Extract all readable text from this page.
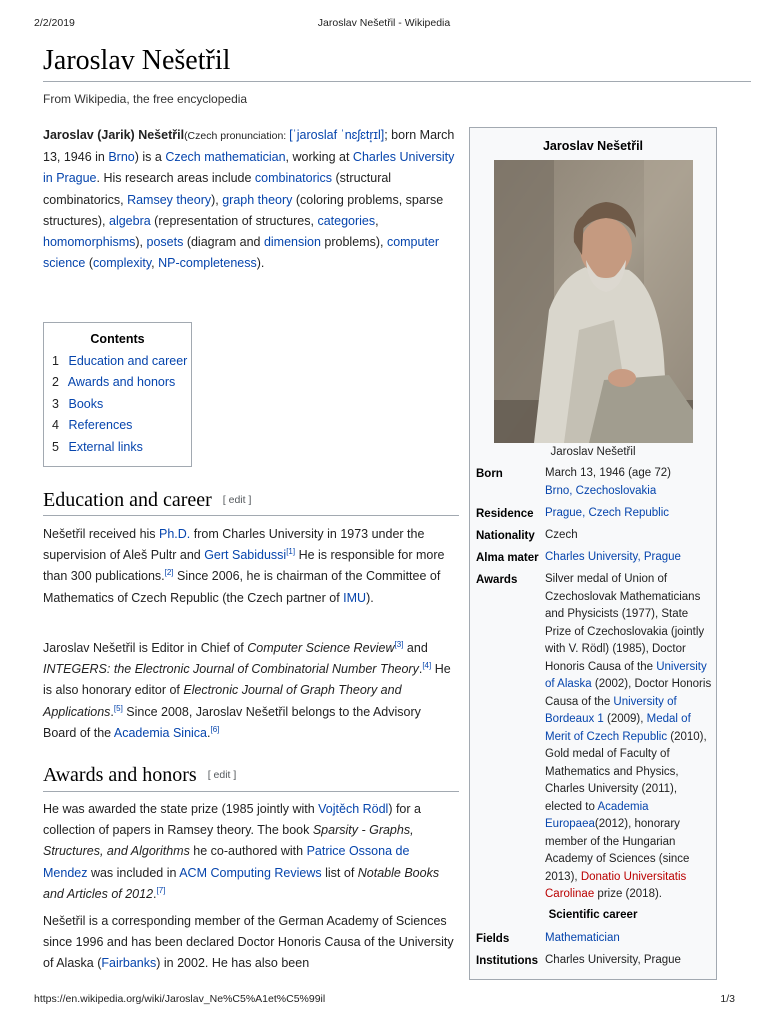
2/2/2019	Jaroslav Nešetřil - Wikipedia
https://en.wikipedia.org/wiki/Jaroslav_Ne%C5%A1et%C5%99il	1/3
Jaroslav Nešetřil
From Wikipedia, the free encyclopedia

Jaroslav (Jarik) Nešetřil(Czech pronunciation: [ˈjaroslaf ˈnɛʃɛtr̝ɪl]; born March 13, 1946 in Brno) is a Czech mathematician, working at Charles University in Prague. His research areas include combinatorics (structural combinatorics, Ramsey theory), graph theory (coloring problems, sparse structures), algebra (representation of structures, categories, homomorphisms), posets (diagram and dimension problems), computer science (complexity, NP-completeness).

Contents
1 Education and career
2 Awards and honors
3 Books
4 References
5 External links
Education and career [ edit ]

Nešetřil received his Ph.D. from Charles University in 1973 under the supervision of Aleš Pultr and Gert Sabidussi[1] He is responsible for more than 300 publications.[2] Since 2006, he is chairman of the Committee of Mathematics of Czech Republic (the Czech partner of IMU).

Jaroslav Nešetřil is Editor in Chief of Computer Science Review[3] and INTEGERS: the Electronic Journal of Combinatorial Number Theory.[4] He is also honorary editor of Electronic Journal of Graph Theory and Applications.[5] Since 2008, Jaroslav Nešetřil belongs to the Advisory Board of the Academia Sinica.[6]

Awards and honors [ edit ]

He was awarded the state prize (1985 jointly with Vojtěch Rödl) for a collection of papers in Ramsey theory. The book Sparsity - Graphs, Structures, and Algorithms he co-authored with Patrice Ossona de Mendez was included in ACM Computing Reviews list of Notable Books and Articles of 2012.[7]

Nešetřil is a corresponding member of the German Academy of Sciences since 1996 and has been declared Doctor Honoris Causa of the University of Alaska (Fairbanks) in 2002. He has also been

Jaroslav Nešetřil
Jaroslav Nešetřil
Born	March 13, 1946 (age 72)
Brno, Czechoslovakia

Residence Prague, Czech Republic

Nationality Czech

Alma mater Charles University, Prague

Awards Silver medal of Union of Czechoslovak Mathematicians and Physicists (1977), State Prize of Czechoslovakia (jointly with V. Rödl) (1985), Doctor Honoris Causa of the University of Alaska (2002), Doctor Honoris Causa of the University of Bordeaux 1 (2009), Medal of Merit of Czech Republic (2010), Gold medal of Faculty of Mathematics and Physics, Charles University (2011), elected to Academia Europaea(2012), honorary member of the Hungarian Academy of Sciences (since 2013), Donatio Universitatis Carolinae prize (2018).

Scientific career
Fields	Mathematician

Institutions Charles University, Prague
